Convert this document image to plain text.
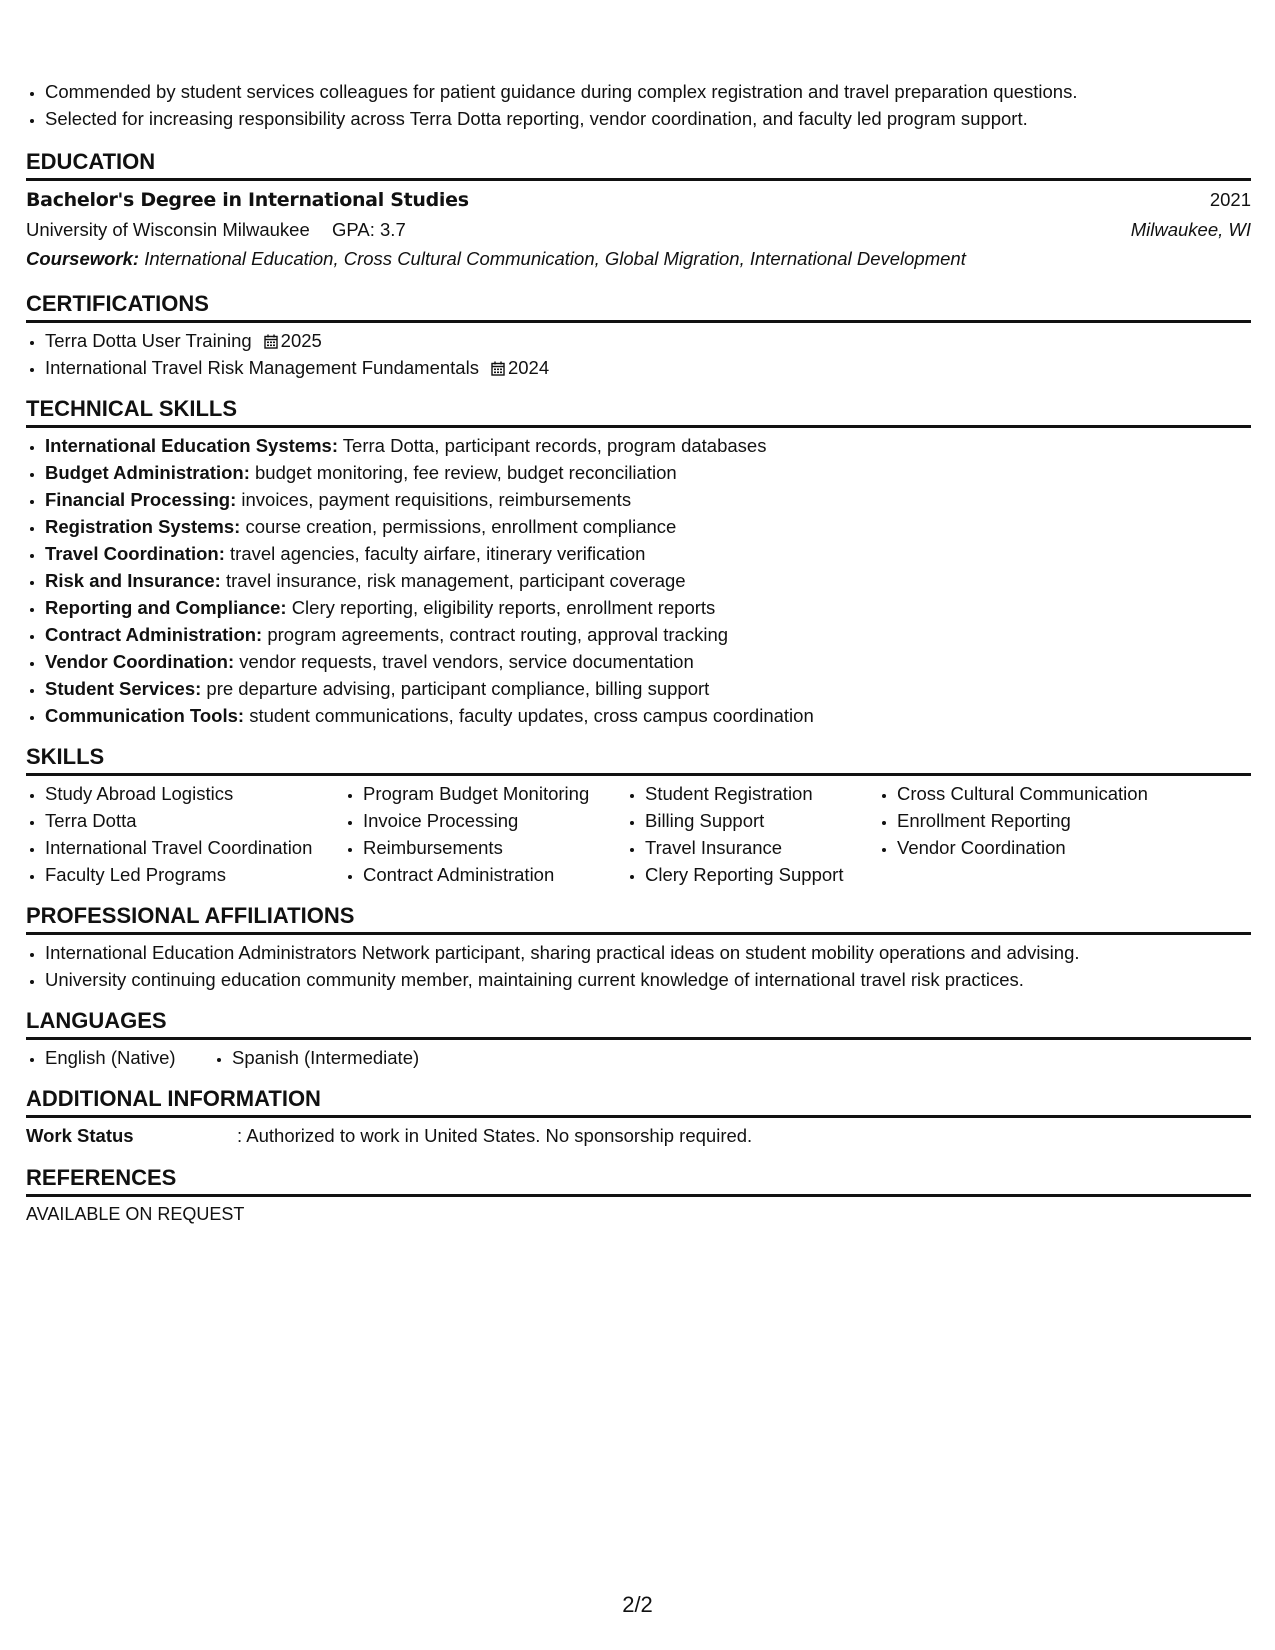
• Commended by student services colleagues for patient guidance during complex registration and travel preparation questions.
• Selected for increasing responsibility across Terra Dotta reporting, vendor coordination, and faculty led program support.
EDUCATION
Bachelor's Degree in International Studies	2021
University of Wisconsin Milwaukee GPA: 3.7	Milwaukee, WI
Coursework: International Education, Cross Cultural Communication, Global Migration, International Development
CERTIFICATIONS
• Terra Dotta User Training 2025
• International Travel Risk Management Fundamentals 2024
TECHNICAL SKILLS
• International Education Systems: Terra Dotta, participant records, program databases
• Budget Administration: budget monitoring, fee review, budget reconciliation
• Financial Processing: invoices, payment requisitions, reimbursements
• Registration Systems: course creation, permissions, enrollment compliance
• Travel Coordination: travel agencies, faculty airfare, itinerary verification
• Risk and Insurance: travel insurance, risk management, participant coverage
• Reporting and Compliance: Clery reporting, eligibility reports, enrollment reports
• Contract Administration: program agreements, contract routing, approval tracking
• Vendor Coordination: vendor requests, travel vendors, service documentation
• Student Services: pre departure advising, participant compliance, billing support
• Communication Tools: student communications, faculty updates, cross campus coordination
SKILLS
• Study Abroad Logistics
• Terra Dotta
• International Travel Coordination
• Faculty Led Programs
• Program Budget Monitoring
• Invoice Processing
• Reimbursements
• Contract Administration
• Student Registration
• Billing Support
• Travel Insurance
• Clery Reporting Support
• Cross Cultural Communication
• Enrollment Reporting
• Vendor Coordination
PROFESSIONAL AFFILIATIONS
• International Education Administrators Network participant, sharing practical ideas on student mobility operations and advising.
• University continuing education community member, maintaining current knowledge of international travel risk practices.
LANGUAGES
• English (Native)
•	Spanish (Intermediate)
ADDITIONAL INFORMATION
Work Status	: Authorized to work in United States. No sponsorship required.
REFERENCES
AVAILABLE ON REQUEST
2/2
